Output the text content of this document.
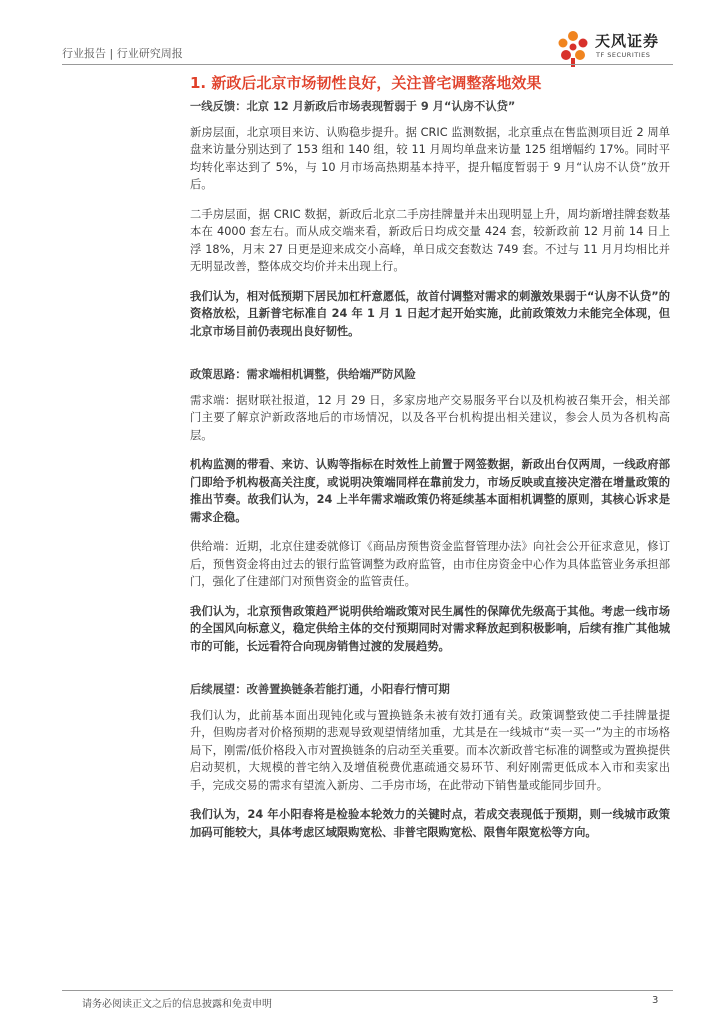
行业报告 | 行业研究周报
天风证券
TF SECURITIES
1. 新政后北京市场韧性良好，关注普宅调整落地效果

一线反馈：北京 12 月新政后市场表现暂弱于 9 月“认房不认贷”

新房层面，北京项目来访、认购稳步提升。据 CRIC 监测数据，北京重点在售监测项目近 2 周单盘来访量分别达到了 153 组和 140 组，较 11 月周均单盘来访量 125 组增幅约 17%。同时平均转化率达到了 5%，与 10 月市场高热期基本持平，提升幅度暂弱于 9 月“认房不认贷”放开后。

二手房层面，据 CRIC 数据，新政后北京二手房挂牌量并未出现明显上升，周均新增挂牌套数基本在 4000 套左右。而从成交端来看，新政后日均成交量 424 套，较新政前 12 月前 14 日上浮 18%，月末 27 日更是迎来成交小高峰，单日成交套数达 749 套。不过与 11 月月均相比并无明显改善，整体成交均价并未出现上行。

我们认为，相对低预期下居民加杠杆意愿低，故首付调整对需求的刺激效果弱于“认房不认贷”的资格放松，且新普宅标准自 24 年 1 月 1 日起才起开始实施，此前政策效力未能完全体现，但北京市场目前仍表现出良好韧性。

政策思路：需求端相机调整，供给端严防风险

需求端：据财联社报道，12 月 29 日，多家房地产交易服务平台以及机构被召集开会，相关部门主要了解京沪新政落地后的市场情况，以及各平台机构提出相关建议，参会人员为各机构高层。

机构监测的带看、来访、认购等指标在时效性上前置于网签数据，新政出台仅两周，一线政府部门即给予机构极高关注度，或说明决策端同样在靠前发力，市场反映或直接决定潜在增量政策的推出节奏。故我们认为，24 上半年需求端政策仍将延续基本面相机调整的原则，其核心诉求是需求企稳。

供给端：近期，北京住建委就修订《商品房预售资金监督管理办法》向社会公开征求意见，修订后，预售资金将由过去的银行监管调整为政府监管，由市住房资金中心作为具体监管业务承担部门，强化了住建部门对预售资金的监管责任。

我们认为，北京预售政策趋严说明供给端政策对民生属性的保障优先级高于其他。考虑一线市场的全国风向标意义，稳定供给主体的交付预期同时对需求释放起到积极影响，后续有推广其他城市的可能，长远看符合向现房销售过渡的发展趋势。

后续展望：改善置换链条若能打通，小阳春行情可期

我们认为，此前基本面出现钝化或与置换链条未被有效打通有关。政策调整致使二手挂牌量提升，但购房者对价格预期的悲观导致观望情绪加重，尤其是在一线城市“卖一买一”为主的市场格局下，刚需/低价格段入市对置换链条的启动至关重要。而本次新政普宅标准的调整或为置换提供启动契机，大规模的普宅纳入及增值税费优惠疏通交易环节、利好刚需更低成本入市和卖家出手，完成交易的需求有望流入新房、二手房市场，在此带动下销售量或能同步回升。

我们认为，24 年小阳春将是检验本轮效力的关键时点，若成交表现低于预期，则一线城市政策加码可能较大，具体考虑区域限购宽松、非普宅限购宽松、限售年限宽松等方向。

请务必阅读正文之后的信息披露和免责申明	3
